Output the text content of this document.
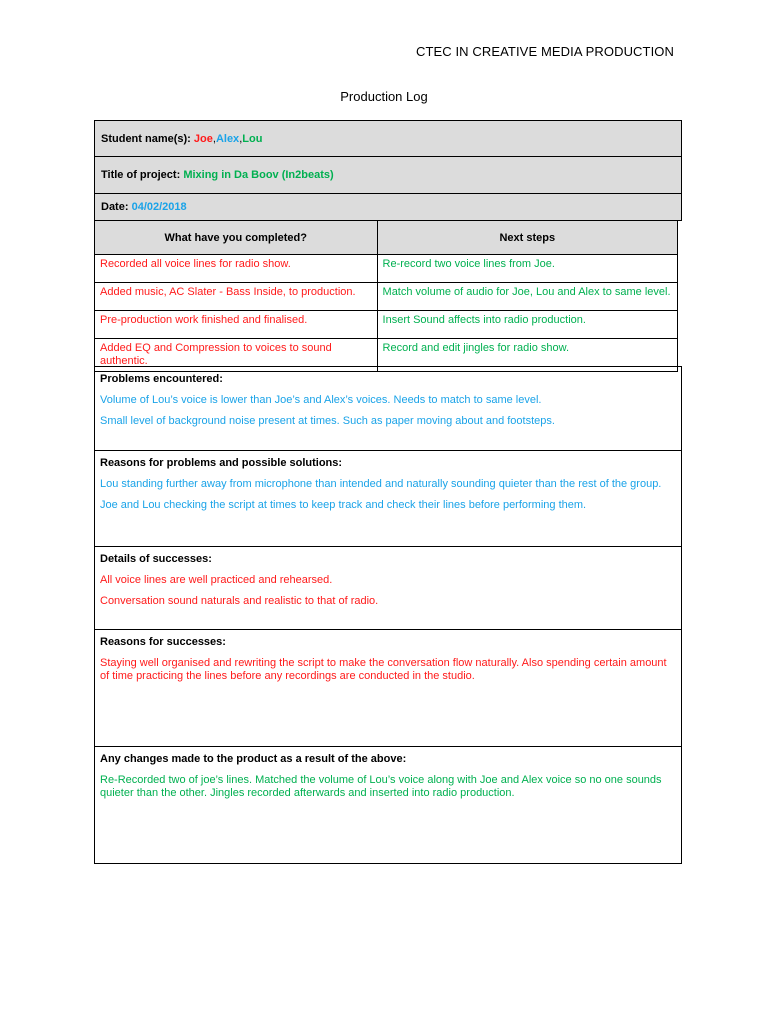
CTEC IN CREATIVE MEDIA PRODUCTION
Production Log
Student name(s):
Joe , Alex , Lou
Title of project:
Mixing in Da Boov (In2beats)
Date:
04/02/2018
What have you completed?	Next steps
Recorded all voice lines for radio show.	Re-record two voice lines from Joe.
Added music, AC Slater - Bass Inside, to production.	Match volume of audio for Joe, Lou and Alex to same level.
Pre-production work finished and finalised.	Insert Sound affects into radio production.
Added EQ and Compression to voices to sound authentic.	Record and edit jingles for radio show.
Problems encountered:

Volume of Lou’s voice is lower than Joe’s and Alex’s voices. Needs to match to same level.

Small level of background noise present at times. Such as paper moving about and footsteps.

Reasons for problems and possible solutions:

Lou standing further away from microphone than intended and naturally sounding quieter than the rest of the group.

Joe and Lou checking the script at times to keep track and check their lines before performing them.

Details of successes:

All voice lines are well practiced and rehearsed.

Conversation sound naturals and realistic to that of radio.

Reasons for successes:

Staying well organised and rewriting the script to make the conversation flow naturally. Also spending certain amount of time practicing the lines before any recordings are conducted in the studio.

Any changes made to the product as a result of the above:

Re-Recorded two of joe’s lines. Matched the volume of Lou’s voice along with Joe and Alex voice so no one sounds quieter than the other. Jingles recorded afterwards and inserted into radio production.
